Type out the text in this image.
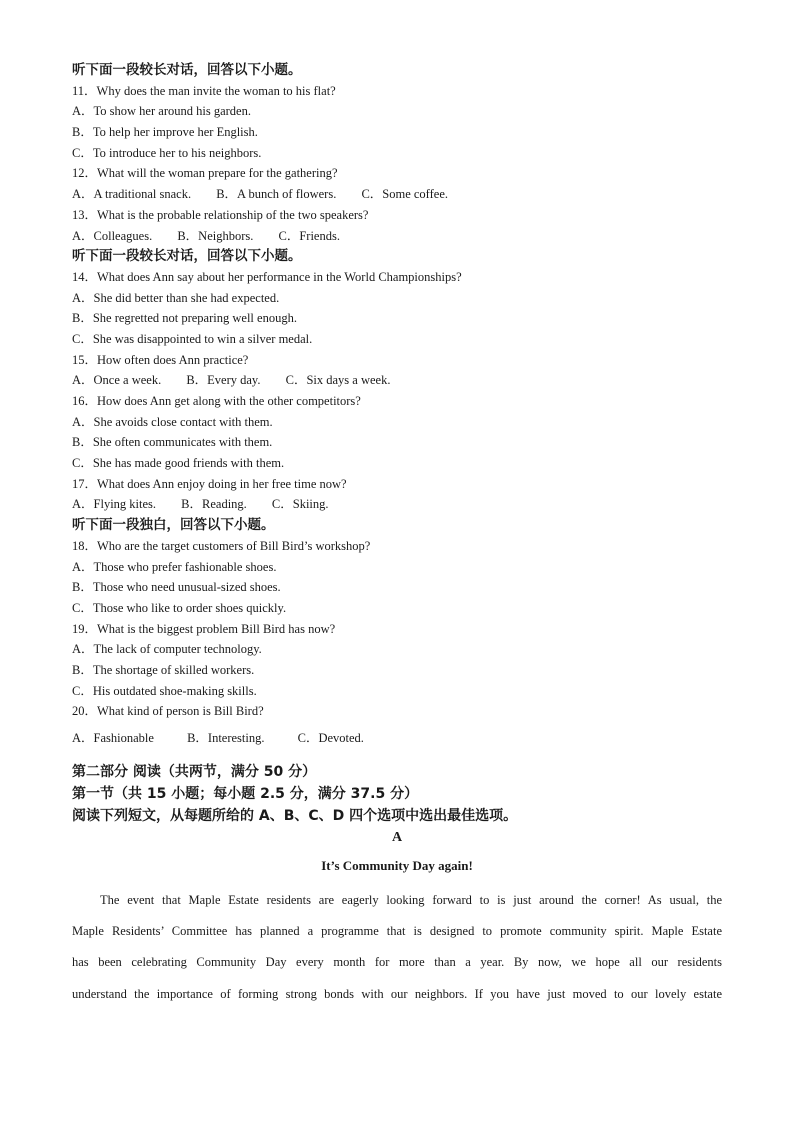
听下面一段较长对话，回答以下小题。
11．Why does the man invite the woman to his flat?
A．To show her around his garden.
B．To help her improve her English.
C．To introduce her to his neighbors.
12．What will the woman prepare for the gathering?
A．A traditional snack. B．A bunch of flowers. C．Some coffee.
13．What is the probable relationship of the two speakers?
A．Colleagues. B．Neighbors. C．Friends.
听下面一段较长对话，回答以下小题。
14．What does Ann say about her performance in the World Championships?
A．She did better than she had expected.
B．She regretted not preparing well enough.
C．She was disappointed to win a silver medal.
15．How often does Ann practice?
A．Once a week. B．Every day. C．Six days a week.
16．How does Ann get along with the other competitors?
A．She avoids close contact with them.
B．She often communicates with them.
C．She has made good friends with them.
17．What does Ann enjoy doing in her free time now?
A．Flying kites. B．Reading. C．Skiing.
听下面一段独白，回答以下小题。
18．Who are the target customers of Bill Bird’s workshop?
A．Those who prefer fashionable shoes.
B．Those who need unusual-sized shoes.
C．Those who like to order shoes quickly.
19．What is the biggest problem Bill Bird has now?
A．The lack of computer technology.
B．The shortage of skilled workers.
C．His outdated shoe-making skills.
20．What kind of person is Bill Bird?
A．Fashionable	B．Interesting.	C．Devoted.
第二部分 阅读（共两节，满分 50 分）
第一节（共 15 小题；每小题 2.5 分，满分 37.5 分）
阅读下列短文，从每题所给的 A、B、C、D 四个选项中选出最佳选项。
A
It’s Community Day again!
The event that Maple Estate residents are eagerly looking forward to is just around the corner! As usual, the
Maple Residents’ Committee has planned a programme that is designed to promote community spirit. Maple Estate
has been celebrating Community Day every month for more than a year. By now, we hope all our residents
understand the importance of forming strong bonds with our neighbors. If you have just moved to our lovely estate
